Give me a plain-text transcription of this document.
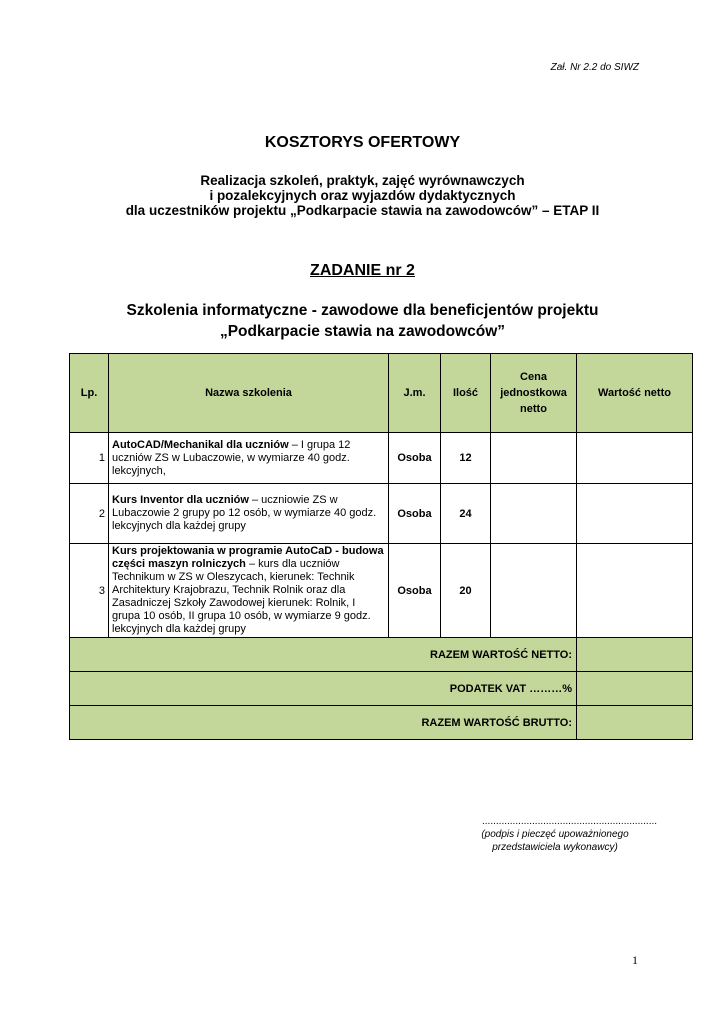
Zał. Nr 2.2 do SIWZ
KOSZTORYS OFERTOWY
Realizacja szkoleń, praktyk, zajęć wyrównawczych
i pozalekcyjnych oraz wyjazdów dydaktycznych
dla uczestników projektu „Podkarpacie stawia na zawodowców” – ETAP II
ZADANIE nr 2
Szkolenia informatyczne - zawodowe dla beneficjentów projektu „Podkarpacie stawia na zawodowców”
Lp.	Nazwa szkolenia	J.m.	Ilość	Cena jednostkowa netto	Wartość netto
1	AutoCAD/Mechanikal dla uczniów – I grupa 12 uczniów ZS w Lubaczowie, w wymiarze 40 godz. lekcyjnych,	Osoba	12		
2	Kurs Inventor dla uczniów – uczniowie ZS w Lubaczowie 2 grupy po 12 osób, w wymiarze 40 godz. lekcyjnych dla każdej grupy	Osoba	24		
3	Kurs projektowania w programie AutoCaD - budowa części maszyn rolniczych – kurs dla uczniów Technikum w ZS w Oleszycach, kierunek: Technik Architektury Krajobrazu, Technik Rolnik oraz dla Zasadniczej Szkoły Zawodowej kierunek: Rolnik, I grupa 10 osób, II grupa 10 osób, w wymiarze 9 godz. lekcyjnych dla każdej grupy	Osoba	20		
RAZEM WARTOŚĆ NETTO:					
PODATEK VAT ………%					
RAZEM WARTOŚĆ BRUTTO:					
...............................................................
(podpis i pieczęć upoważnionego
przedstawiciela wykonawcy)
1
